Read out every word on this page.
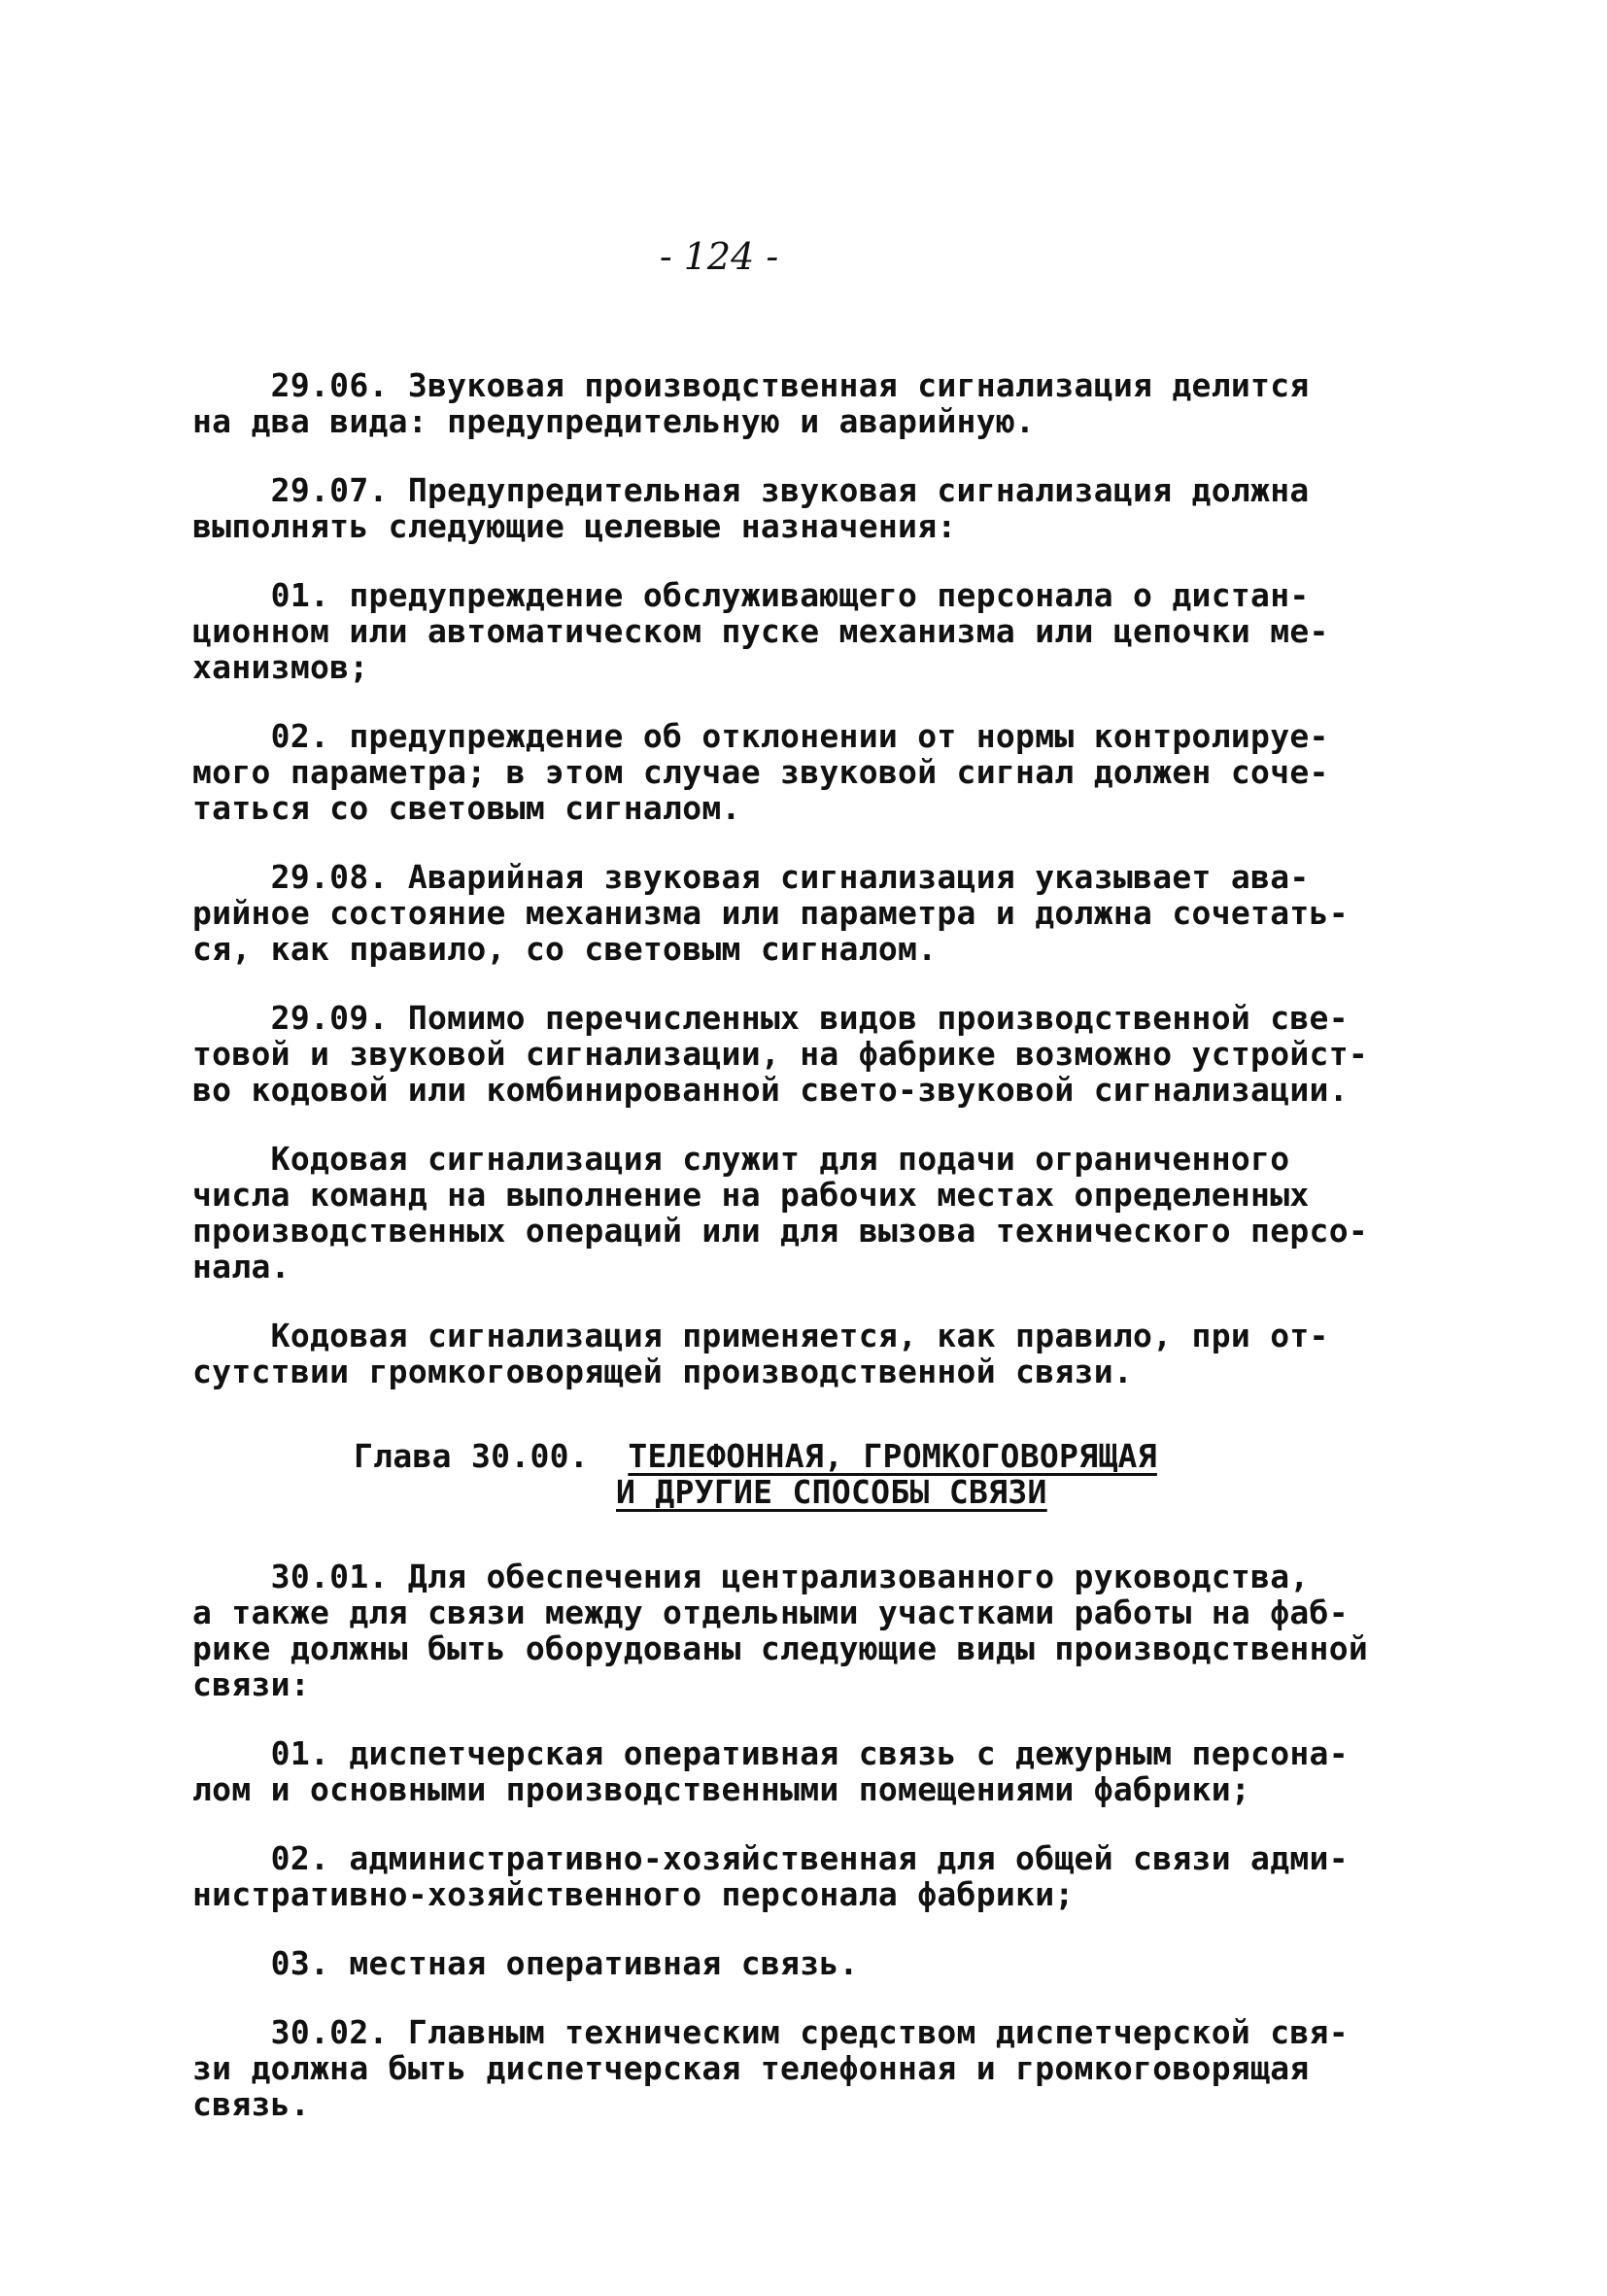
- 124 -
29.06. Звуковая производственная сигнализация делится
на два вида: предупредительную и аварийную.
29.07. Предупредительная звуковая сигнализация должна
выполнять следующие целевые назначения:
01. предупреждение обслуживающего персонала о дистан-
ционном или автоматическом пуске механизма или цепочки ме-
ханизмов;
02. предупреждение об отклонении от нормы контролируе-
мого параметра; в этом случае звуковой сигнал должен соче-
таться со световым сигналом.
29.08. Аварийная звуковая сигнализация указывает ава-
рийное состояние механизма или параметра и должна сочетать-
ся, как правило, со световым сигналом.
29.09. Помимо перечисленных видов производственной све-
товой и звуковой сигнализации, на фабрике возможно устройст-
во кодовой или комбинированной свето-звуковой сигнализации.
Кодовая сигнализация служит для подачи ограниченного
числа команд на выполнение на рабочих местах определенных
производственных операций или для вызова технического персо-
нала.
Кодовая сигнализация применяется, как правило, при от-
сутствии громкоговорящей производственной связи.
Глава 30.00. ТЕЛЕФОННАЯ, ГРОМКОГОВОРЯЩАЯ
И ДРУГИЕ СПОСОБЫ СВЯЗИ
30.01. Для обеспечения централизованного руководства,
а также для связи между отдельными участками работы на фаб-
рике должны быть оборудованы следующие виды производственной
связи:
01. диспетчерская оперативная связь с дежурным персона-
лом и основными производственными помещениями фабрики;
02. административно-хозяйственная для общей связи адми-
нистративно-хозяйственного персонала фабрики;
03. местная оперативная связь.
30.02. Главным техническим средством диспетчерской свя-
зи должна быть диспетчерская телефонная и громкоговорящая
связь.
